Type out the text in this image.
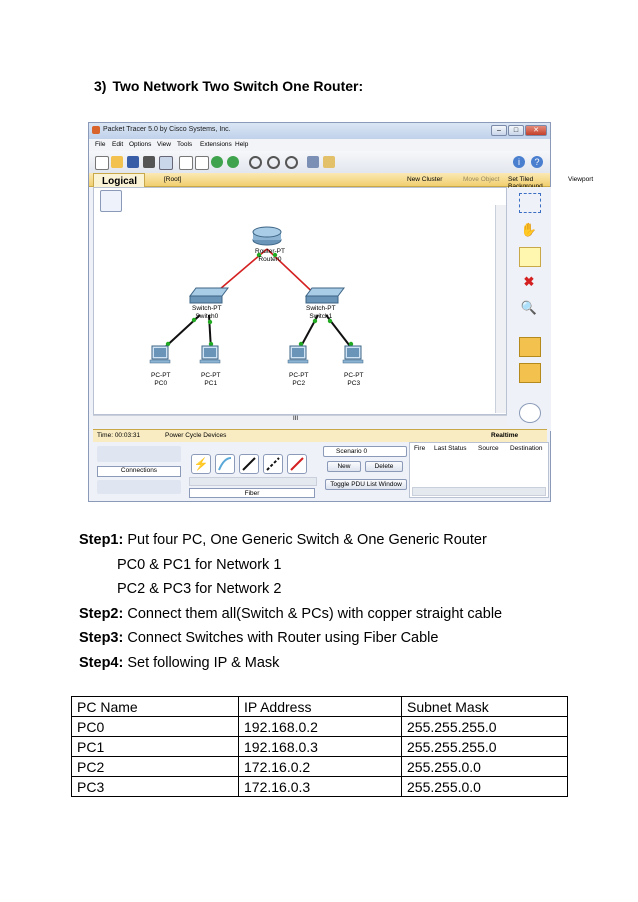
3) Two Network Two Switch One Router:
Packet Tracer 5.0 by Cisco Systems, Inc.	–	□	✕
File Edit Options View Tools Extensions Help
i	?
Logical	[Root]	New Cluster	Move Object Set Tiled	Viewport
Router-PT
Router0
Switch-PT
Switch0
Switch-PT
Switch1
PC-PT
PC0
PC-PT
PC1
PC-PT
PC2
PC-PT
PC3
III
✋
✖
🔍
Time: 00:03:31	Power Cycle Devices	Realtime
Connections	⚡
Fiber
Scenario 0
New	Delete
Toggle PDU List Window
Fire Last Status Source Destination
Step1: Put four PC, One Generic Switch & One Generic Router
PC0 & PC1 for Network 1
PC2 & PC3 for Network 2
Step2: Connect them all(Switch & PCs) with copper straight cable
Step3: Connect Switches with Router using Fiber Cable
Step4: Set following IP & Mask
PC Name	IP Address	Subnet Mask
PC0	192.168.0.2	255.255.255.0
PC1	192.168.0.3	255.255.255.0
PC2	172.16.0.2	255.255.0.0
PC3	172.16.0.3	255.255.0.0
